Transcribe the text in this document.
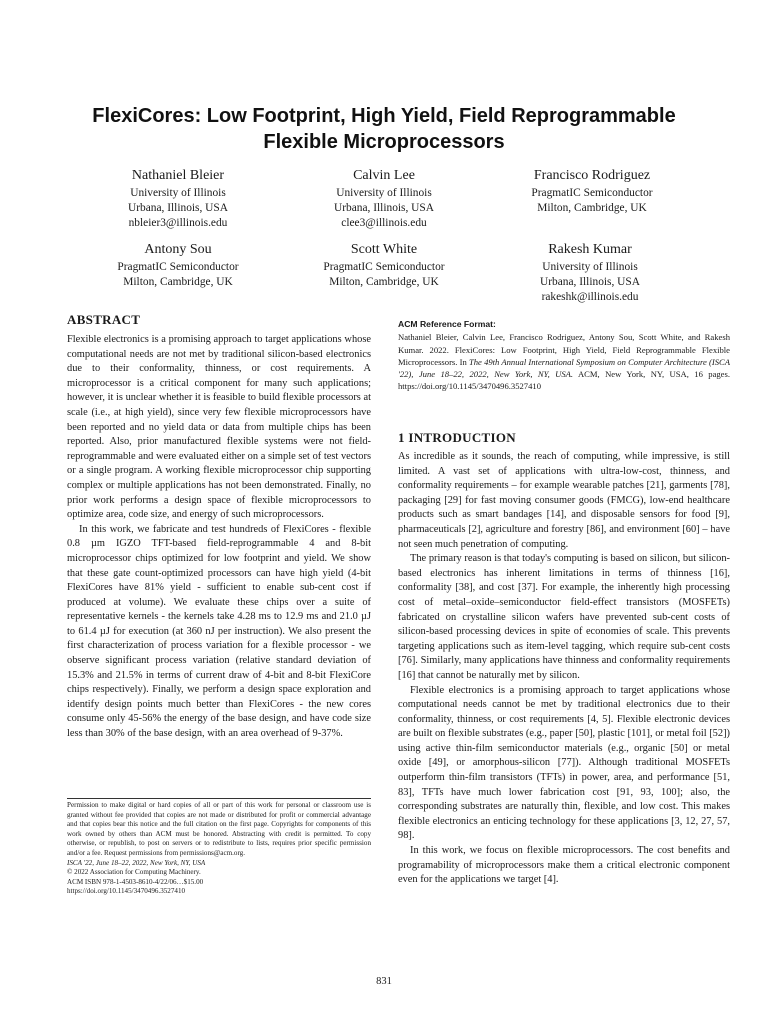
FlexiCores: Low Footprint, High Yield, Field Reprogrammable
Flexible Microprocessors
Nathaniel Bleier
University of Illinois
Urbana, Illinois, USA
nbleier3@illinois.edu
Calvin Lee
University of Illinois
Urbana, Illinois, USA
clee3@illinois.edu
Francisco Rodriguez
PragmatIC Semiconductor
Milton, Cambridge, UK
Antony Sou
PragmatIC Semiconductor
Milton, Cambridge, UK
Scott White
PragmatIC Semiconductor
Milton, Cambridge, UK
Rakesh Kumar
University of Illinois
Urbana, Illinois, USA
rakeshk@illinois.edu
ABSTRACT

Flexible electronics is a promising approach to target applications whose computational needs are not met by traditional silicon-based electronics due to their conformality, thinness, or cost requirements. A microprocessor is a critical component for many such applications; however, it is unclear whether it is feasible to build flexible processors at scale (i.e., at high yield), since very few flexible microprocessors have been reported and no yield data or data from multiple chips has been reported. Also, prior manufactured flexible systems were not field-reprogrammable and were evaluated either on a simple set of test vectors or a single program. A working flexible microprocessor chip supporting complex or multiple applications has not been demonstrated. Finally, no prior work performs a design space of flexible microprocessors to optimize area, code size, and energy of such microprocessors.

In this work, we fabricate and test hundreds of FlexiCores - flexible 0.8 µm IGZO TFT-based field-reprogrammable 4 and 8-bit microprocessor chips optimized for low footprint and yield. We show that these gate count-optimized processors can have high yield (4-bit FlexiCores have 81% yield - sufficient to enable sub-cent cost if produced at volume). We evaluate these chips over a suite of representative kernels - the kernels take 4.28 ms to 12.9 ms and 21.0 µJ to 61.4 µJ for execution (at 360 nJ per instruction). We also present the first characterization of process variation for a flexible processor - we observe significant process variation (relative standard deviation of 15.3% and 21.5% in terms of current draw of 4-bit and 8-bit FlexiCore chips respectively). Finally, we perform a design space exploration and identify design points much better than FlexiCores - the new cores consume only 45-56% the energy of the base design, and have code size less than 30% of the base design, with an area overhead of 9-37%.

Permission to make digital or hard copies of all or part of this work for personal or classroom use is granted without fee provided that copies are not made or distributed for profit or commercial advantage and that copies bear this notice and the full citation on the first page. Copyrights for components of this work owned by others than ACM must be honored. Abstracting with credit is permitted. To copy otherwise, or republish, to post on servers or to redistribute to lists, requires prior specific permission and/or a fee. Request permissions from permissions@acm.org.

ISCA '22, June 18–22, 2022, New York, NY, USA

© 2022 Association for Computing Machinery.

ACM ISBN 978-1-4503-8610-4/22/06…$15.00

https://doi.org/10.1145/3470496.3527410

ACM Reference Format:

Nathaniel Bleier, Calvin Lee, Francisco Rodriguez, Antony Sou, Scott White, and Rakesh Kumar. 2022. FlexiCores: Low Footprint, High Yield, Field Reprogrammable Flexible Microprocessors. In The 49th Annual International Symposium on Computer Architecture (ISCA '22), June 18–22, 2022, New York, NY, USA. ACM, New York, NY, USA, 16 pages. https://doi.org/10.1145/3470496.3527410

1 INTRODUCTION

As incredible as it sounds, the reach of computing, while impressive, is still limited. A vast set of applications with ultra-low-cost, thinness, and conformality requirements – for example wearable patches [21], garments [78], packaging [29] for fast moving consumer goods (FMCG), low-end healthcare products such as smart bandages [14], and disposable sensors for food [9], pharmaceuticals [2], agriculture and forestry [86], and environment [60] – have not seen much penetration of computing.

The primary reason is that today's computing is based on silicon, but silicon-based electronics has inherent limitations in terms of thinness [16], conformality [38], and cost [37]. For example, the inherently high processing cost of metal–oxide–semiconductor field-effect transistors (MOSFETs) fabricated on crystalline silicon wafers have prevented sub-cent costs of silicon-based processing devices in spite of economies of scale. This prevents targeting applications such as item-level tagging, which require sub-cent costs [76]. Similarly, many applications have thinness and conformality requirements [16] that cannot be naturally met by silicon.

Flexible electronics is a promising approach to target applications whose computational needs cannot be met by traditional electronics due to their conformality, thinness, or cost requirements [4, 5]. Flexible electronic devices are built on flexible substrates (e.g., paper [50], plastic [101], or metal foil [52]) using active thin-film semiconductor materials (e.g., organic [50] or metal oxide [49], or amorphous-silicon [77]). Although traditional MOSFETs outperform thin-film transistors (TFTs) in power, area, and performance [51, 83], TFTs have much lower fabrication cost [91, 93, 100]; also, the corresponding substrates are naturally thin, flexible, and low cost. This makes flexible electronics an enticing technology for these applications [3, 12, 27, 57, 98].

In this work, we focus on flexible microprocessors. The cost benefits and programability of microprocessors make them a critical electronic component even for the applications we target [4].

831
